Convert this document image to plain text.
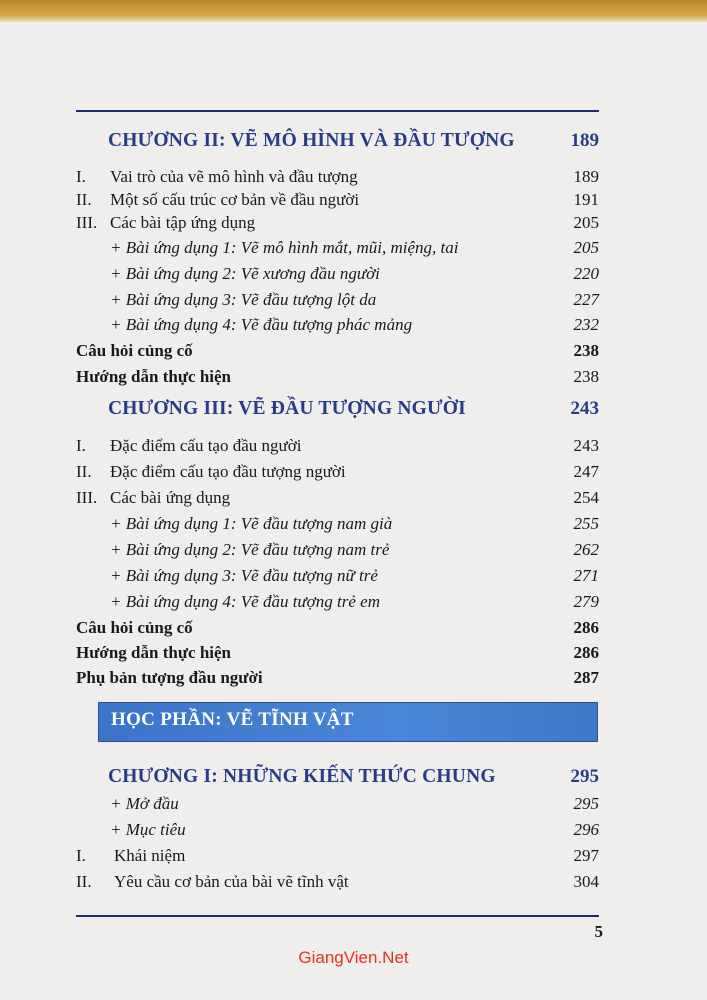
CHƯƠNG II: VẼ MÔ HÌNH VÀ ĐẦU TƯỢNG	189
I. Vai trò của vẽ mô hình và đầu tượng	189
II. Một số cấu trúc cơ bản về đầu người	191
III. Các bài tập ứng dụng	205
+ Bài ứng dụng 1: Vẽ mô hình mắt, mũi, miệng, tai	205
+ Bài ứng dụng 2: Vẽ xương đầu người	220
+ Bài ứng dụng 3: Vẽ đầu tượng lột da	227
+ Bài ứng dụng 4: Vẽ đầu tượng phác mảng	232
Câu hỏi củng cố	238
Hướng dẫn thực hiện	238
CHƯƠNG III: VẼ ĐẦU TƯỢNG NGƯỜI	243
I. Đặc điểm cấu tạo đầu người	243
II. Đặc điểm cấu tạo đầu tượng người	247
III. Các bài ứng dụng	254
+ Bài ứng dụng 1: Vẽ đầu tượng nam già	255
+ Bài ứng dụng 2: Vẽ đầu tượng nam trẻ	262
+ Bài ứng dụng 3: Vẽ đầu tượng nữ trẻ	271
+ Bài ứng dụng 4: Vẽ đầu tượng trẻ em	279
Câu hỏi củng cố	286
Hướng dẫn thực hiện	286
Phụ bản tượng đầu người	287
HỌC PHẦN: VẼ TĨNH VẬT
CHƯƠNG I: NHỮNG KIẾN THỨC CHUNG	295
+ Mở đầu	295
+ Mục tiêu	296
I. Khái niệm	297
II. Yêu cầu cơ bản của bài vẽ tĩnh vật	304
5
GiangVien.Net
